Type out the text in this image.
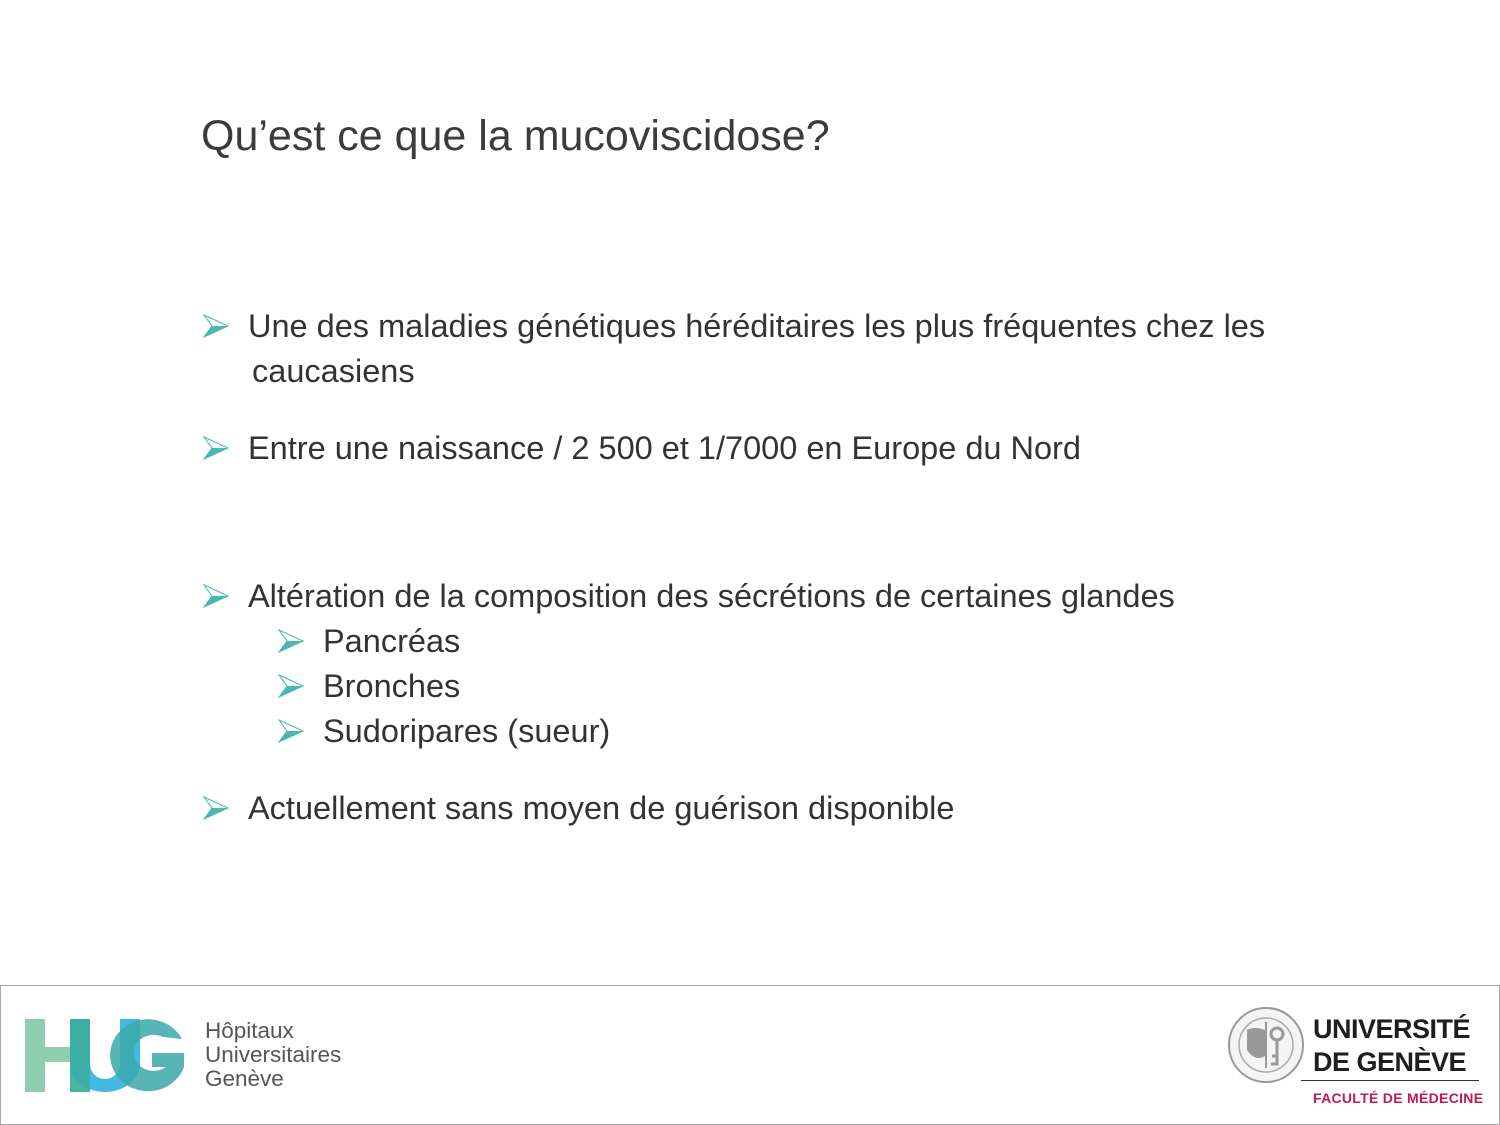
Qu’est ce que la mucoviscidose?
Une des maladies génétiques héréditaires les plus fréquentes chez les
caucasiens
Entre une naissance / 2 500 et 1/7000 en Europe du Nord
Altération de la composition des sécrétions de certaines glandes
Pancréas
Bronches
Sudoripares (sueur)
Actuellement sans moyen de guérison disponible
Hôpitaux
Universitaires
Genève
UNIVERSITÉ
DE GENÈVE
FACULTÉ DE MÉDECINE
